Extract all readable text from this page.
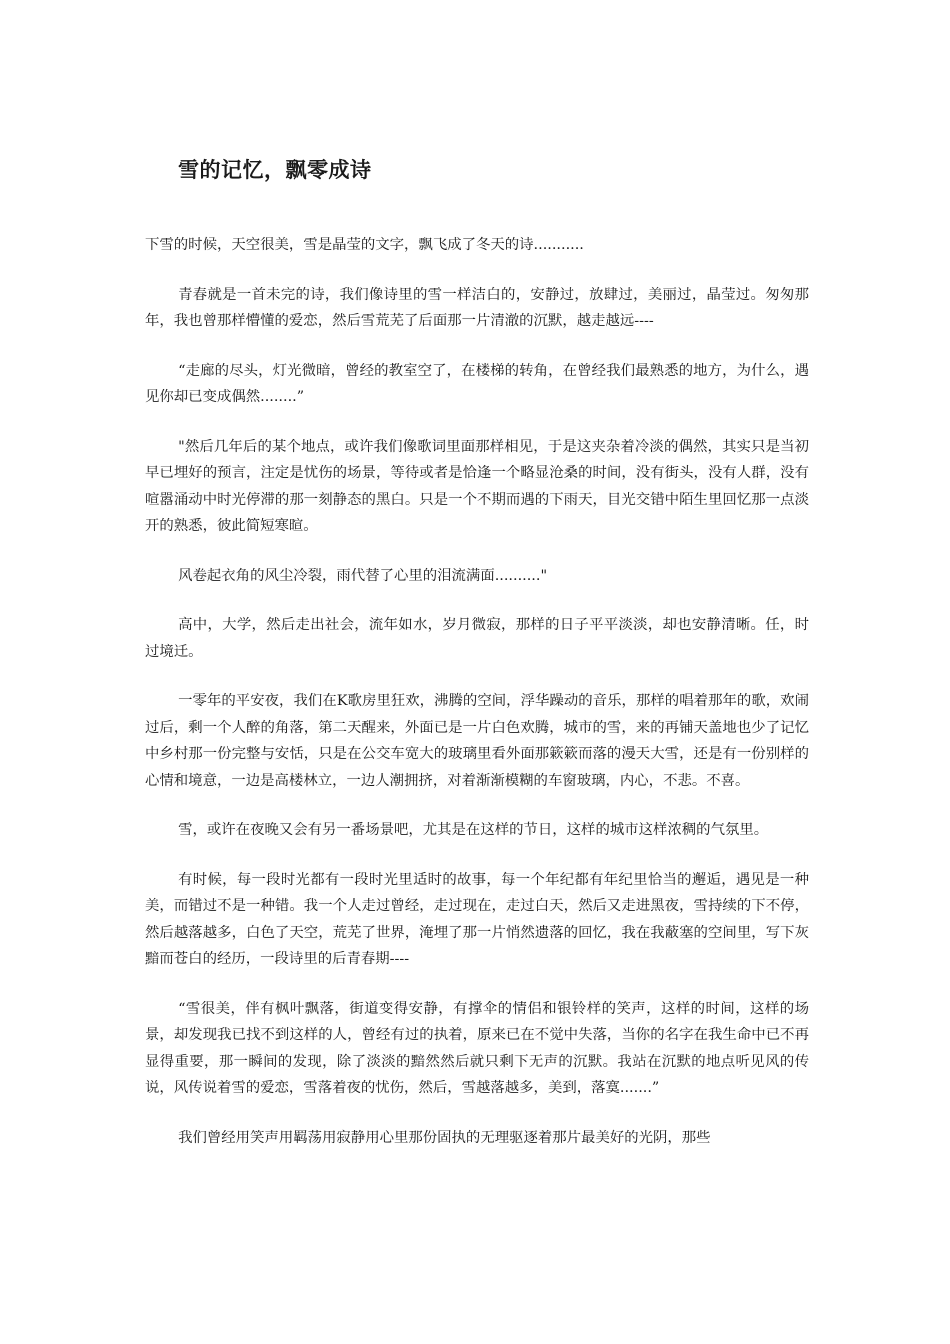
雪的记忆，飘零成诗

下雪的时候，天空很美，雪是晶莹的文字，飘飞成了冬天的诗...........

青春就是一首未完的诗，我们像诗里的雪一样洁白的，安静过，放肆过，美丽过，晶莹过。匆匆那年，我也曾那样懵懂的爱恋，然后雪荒芜了后面那一片清澈的沉默，越走越远----

“走廊的尽头，灯光微暗，曾经的教室空了，在楼梯的转角，在曾经我们最熟悉的地方，为什么，遇见你却已变成偶然........”

"然后几年后的某个地点，或许我们像歌词里面那样相见，于是这夹杂着冷淡的偶然，其实只是当初早已埋好的预言，注定是忧伤的场景，等待或者是恰逢一个略显沧桑的时间，没有街头，没有人群，没有喧嚣涌动中时光停滞的那一刻静态的黑白。只是一个不期而遇的下雨天，目光交错中陌生里回忆那一点淡开的熟悉，彼此简短寒暄。

风卷起衣角的风尘冷裂，雨代替了心里的泪流满面.........."

高中，大学，然后走出社会，流年如水，岁月微寂，那样的日子平平淡淡，却也安静清晰。任，时过境迁。

一零年的平安夜，我们在K歌房里狂欢，沸腾的空间，浮华躁动的音乐，那样的唱着那年的歌，欢闹过后，剩一个人醉的角落，第二天醒来，外面已是一片白色欢腾，城市的雪，来的再铺天盖地也少了记忆中乡村那一份完整与安恬，只是在公交车宽大的玻璃里看外面那簌簌而落的漫天大雪，还是有一份别样的心情和境意，一边是高楼林立，一边人潮拥挤，对着渐渐模糊的车窗玻璃，内心，不悲。不喜。

雪，或许在夜晚又会有另一番场景吧，尤其是在这样的节日，这样的城市这样浓稠的气氛里。

有时候，每一段时光都有一段时光里适时的故事，每一个年纪都有年纪里恰当的邂逅，遇见是一种美，而错过不是一种错。我一个人走过曾经，走过现在，走过白天，然后又走进黑夜，雪持续的下不停，然后越落越多，白色了天空，荒芜了世界，淹埋了那一片悄然遗落的回忆，我在我蔽塞的空间里，写下灰黯而苍白的经历，一段诗里的后青春期----

“雪很美，伴有枫叶飘落，街道变得安静，有撑伞的情侣和银铃样的笑声，这样的时间，这样的场景，却发现我已找不到这样的人，曾经有过的执着，原来已在不觉中失落，当你的名字在我生命中已不再显得重要，那一瞬间的发现，除了淡淡的黯然然后就只剩下无声的沉默。我站在沉默的地点听见风的传说，风传说着雪的爱恋，雪落着夜的忧伤，然后，雪越落越多，美到，落寞.......”

我们曾经用笑声用羁荡用寂静用心里那份固执的无理驱逐着那片最美好的光阴，那些
